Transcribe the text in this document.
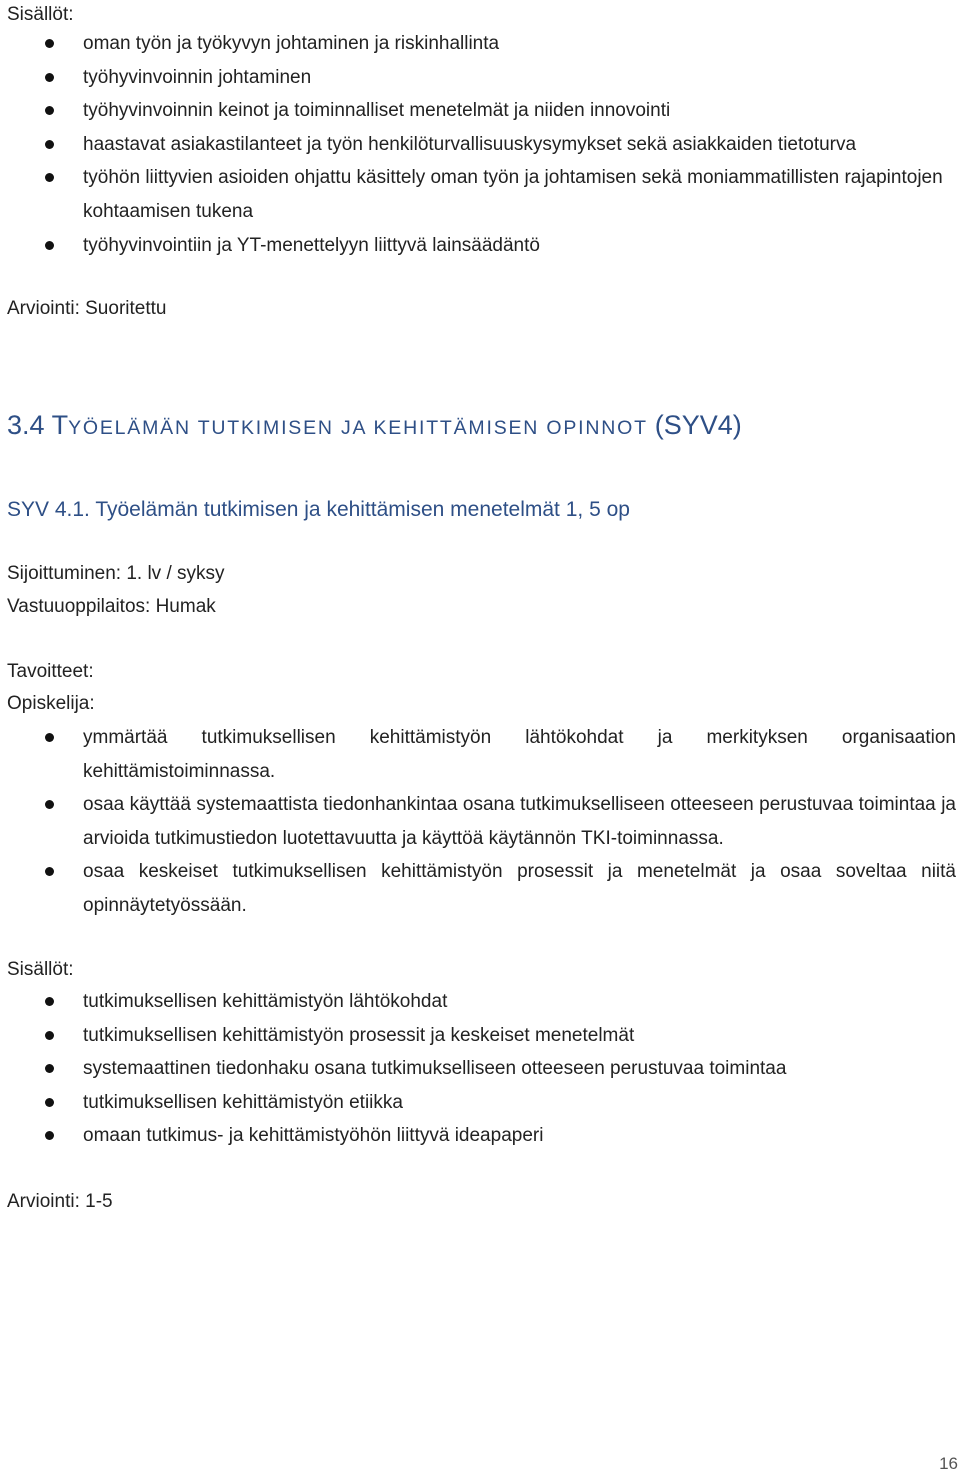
Sisällöt:
oman työn ja työkyvyn johtaminen ja riskinhallinta
työhyvinvoinnin johtaminen
työhyvinvoinnin keinot ja toiminnalliset menetelmät ja niiden innovointi
haastavat asiakastilanteet ja työn henkilöturvallisuuskysymykset sekä asiakkaiden tietoturva
työhön liittyvien asioiden ohjattu käsittely oman työn ja johtamisen sekä moniammatillisten rajapintojen kohtaamisen tukena
työhyvinvointiin ja YT-menettelyyn liittyvä lainsäädäntö
Arviointi: Suoritettu
3.4 TYÖELÄMÄN TUTKIMISEN JA KEHITTÄMISEN OPINNOT (SYV4)
SYV 4.1. Työelämän tutkimisen ja kehittämisen menetelmät 1, 5 op
Sijoittuminen: 1. lv / syksy
Vastuuoppilaitos: Humak
Tavoitteet:
Opiskelija:
ymmärtää tutkimuksellisen kehittämistyön lähtökohdat ja merkityksen organisaation kehittämistoiminnassa.
osaa käyttää systemaattista tiedonhankintaa osana tutkimukselliseen otteeseen perustuvaa toimintaa ja arvioida tutkimustiedon luotettavuutta ja käyttöä käytännön TKI-toiminnassa.
osaa keskeiset tutkimuksellisen kehittämistyön prosessit ja menetelmät ja osaa soveltaa niitä opinnäytetyössään.
Sisällöt:
tutkimuksellisen kehittämistyön lähtökohdat
tutkimuksellisen kehittämistyön prosessit ja keskeiset menetelmät
systemaattinen tiedonhaku osana tutkimukselliseen otteeseen perustuvaa toimintaa
tutkimuksellisen kehittämistyön etiikka
omaan tutkimus- ja kehittämistyöhön liittyvä ideapaperi
Arviointi: 1-5
16
